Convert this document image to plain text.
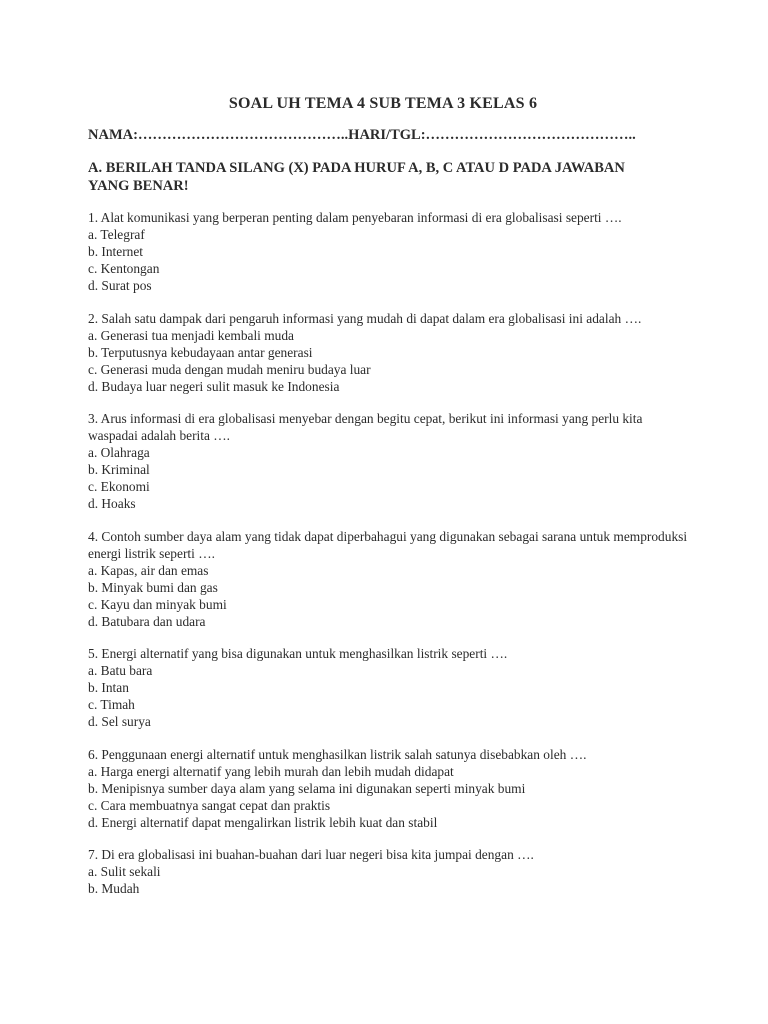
SOAL UH TEMA 4 SUB TEMA 3 KELAS 6

NAMA:……………………………………..HARI/TGL:……………………………………..

A. BERILAH TANDA SILANG (X) PADA HURUF A, B, C ATAU D PADA JAWABAN YANG BENAR!

1. Alat komunikasi yang berperan penting dalam penyebaran informasi di era globalisasi seperti ….
a. Telegraf
b. Internet
c. Kentongan
d. Surat pos
2. Salah satu dampak dari pengaruh informasi yang mudah di dapat dalam era globalisasi ini adalah ….
a. Generasi tua menjadi kembali muda
b. Terputusnya kebudayaan antar generasi
c. Generasi muda dengan mudah meniru budaya luar
d. Budaya luar negeri sulit masuk ke Indonesia
3. Arus informasi di era globalisasi menyebar dengan begitu cepat, berikut ini informasi yang perlu kita waspadai adalah berita ….
a. Olahraga
b. Kriminal
c. Ekonomi
d. Hoaks
4. Contoh sumber daya alam yang tidak dapat diperbahagui yang digunakan sebagai sarana untuk memproduksi energi listrik seperti ….
a. Kapas, air dan emas
b. Minyak bumi dan gas
c. Kayu dan minyak bumi
d. Batubara dan udara
5. Energi alternatif yang bisa digunakan untuk menghasilkan listrik seperti ….
a. Batu bara
b. Intan
c. Timah
d. Sel surya
6. Penggunaan energi alternatif untuk menghasilkan listrik salah satunya disebabkan oleh ….
a. Harga energi alternatif yang lebih murah dan lebih mudah didapat
b. Menipisnya sumber daya alam yang selama ini digunakan seperti minyak bumi
c. Cara membuatnya sangat cepat dan praktis
d. Energi alternatif dapat mengalirkan listrik lebih kuat dan stabil
7. Di era globalisasi ini buahan-buahan dari luar negeri bisa kita jumpai dengan ….
a. Sulit sekali
b. Mudah
